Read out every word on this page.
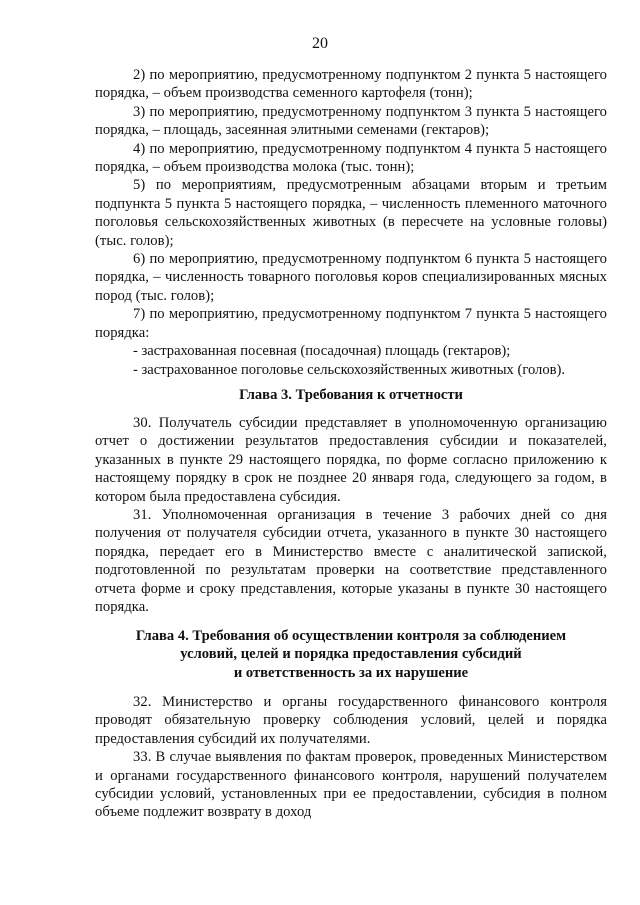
20

2) по мероприятию, предусмотренному подпунктом 2 пункта 5 настоящего порядка, – объем производства семенного картофеля (тонн);

3) по мероприятию, предусмотренному подпунктом 3 пункта 5 настоящего порядка, – площадь, засеянная элитными семенами (гектаров);

4) по мероприятию, предусмотренному подпунктом 4 пункта 5 настоящего порядка, – объем производства молока (тыс. тонн);

5) по мероприятиям, предусмотренным абзацами вторым и третьим подпункта 5 пункта 5 настоящего порядка, – численность племенного маточного поголовья сельскохозяйственных животных (в пересчете на условные головы) (тыс. голов);

6) по мероприятию, предусмотренному подпунктом 6 пункта 5 настоящего порядка, – численность товарного поголовья коров специализированных мясных пород (тыс. голов);

7) по мероприятию, предусмотренному подпунктом 7 пункта 5 настоящего порядка:

- застрахованная посевная (посадочная) площадь (гектаров);

- застрахованное поголовье сельскохозяйственных животных (голов).

Глава 3. Требования к отчетности

30. Получатель субсидии представляет в уполномоченную организацию отчет о достижении результатов предоставления субсидии и показателей, указанных в пункте 29 настоящего порядка, по форме согласно приложению к настоящему порядку в срок не позднее 20 января года, следующего за годом, в котором была предоставлена субсидия.

31. Уполномоченная организация в течение 3 рабочих дней со дня получения от получателя субсидии отчета, указанного в пункте 30 настоящего порядка, передает его в Министерство вместе с аналитической запиской, подготовленной по результатам проверки на соответствие представленного отчета форме и сроку представления, которые указаны в пункте 30 настоящего порядка.

Глава 4. Требования об осуществлении контроля за соблюдением
условий, целей и порядка предоставления субсидий
и ответственность за их нарушение

32. Министерство и органы государственного финансового контроля проводят обязательную проверку соблюдения условий, целей и порядка предоставления субсидий их получателями.

33. В случае выявления по фактам проверок, проведенных Министерством и органами государственного финансового контроля, нарушений получателем субсидии условий, установленных при ее предоставлении, субсидия в полном объеме подлежит возврату в доход
